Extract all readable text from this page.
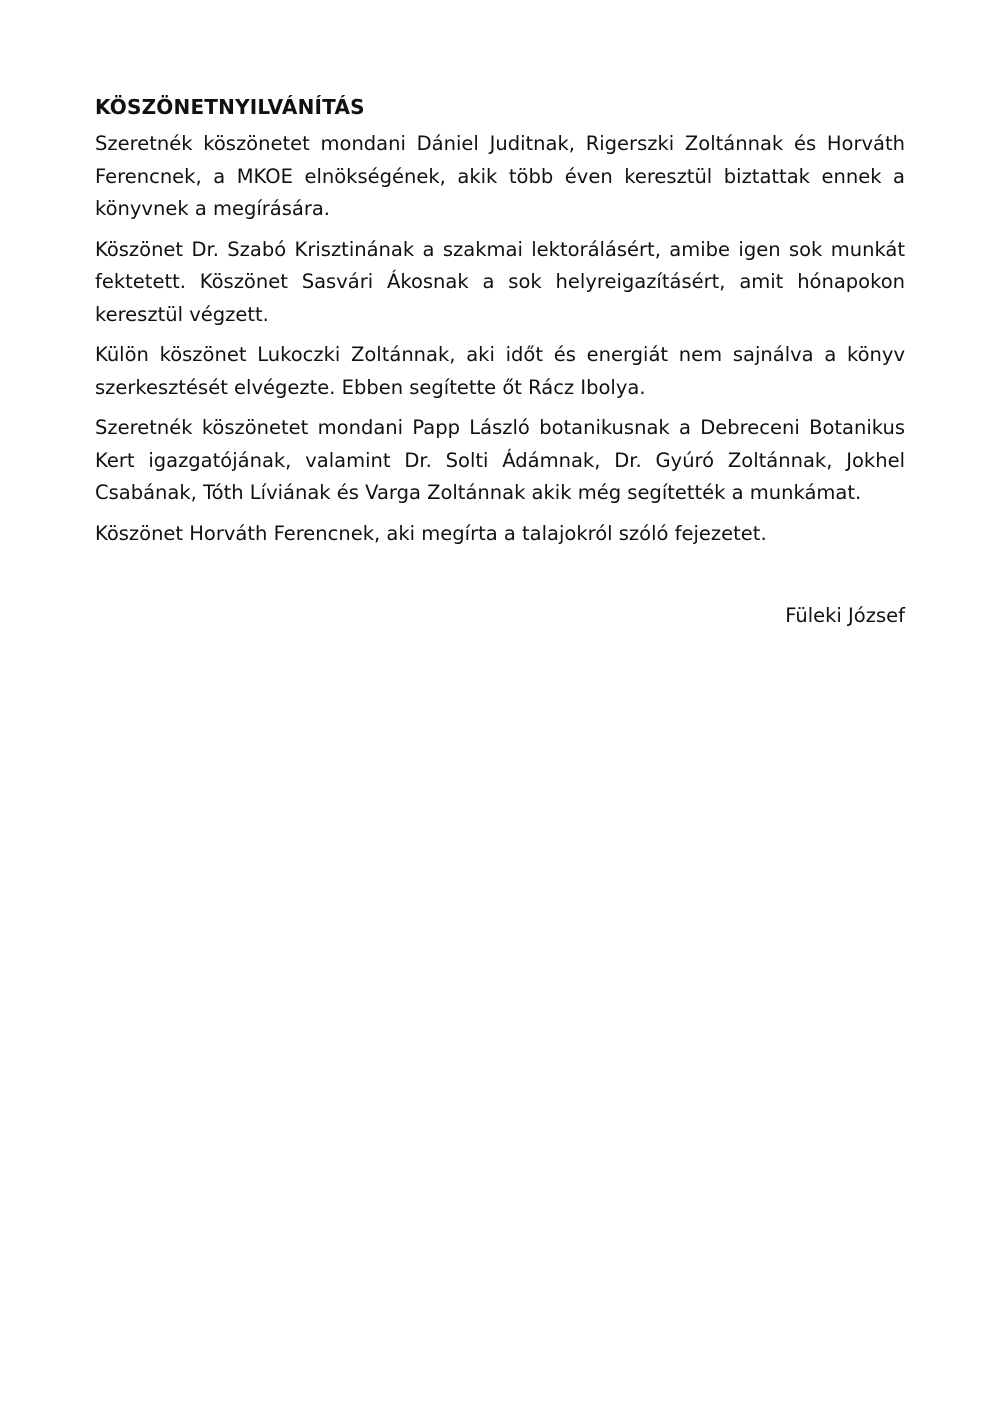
KÖSZÖNETNYILVÁNÍTÁS

Szeretnék köszönetet mondani Dániel Juditnak, Rigerszki Zoltánnak és Horváth Ferencnek, a MKOE elnökségének, akik több éven keresztül biztattak ennek a könyvnek a megírására.

Köszönet Dr. Szabó Krisztinának a szakmai lektorálásért, amibe igen sok munkát fektetett. Köszönet Sasvári Ákosnak a sok helyreigazításért, amit hónapokon keresztül végzett.

Külön köszönet Lukoczki Zoltánnak, aki időt és energiát nem sajnálva a könyv szerkesztését elvégezte. Ebben segítette őt Rácz Ibolya.

Szeretnék köszönetet mondani Papp László botanikusnak a Debreceni Botanikus Kert igazgatójának, valamint Dr. Solti Ádámnak, Dr. Gyúró Zoltánnak, Jokhel Csabának, Tóth Líviának és Varga Zoltánnak akik még segítették a munkámat.

Köszönet Horváth Ferencnek, aki megírta a talajokról szóló fejezetet.

Füleki József
